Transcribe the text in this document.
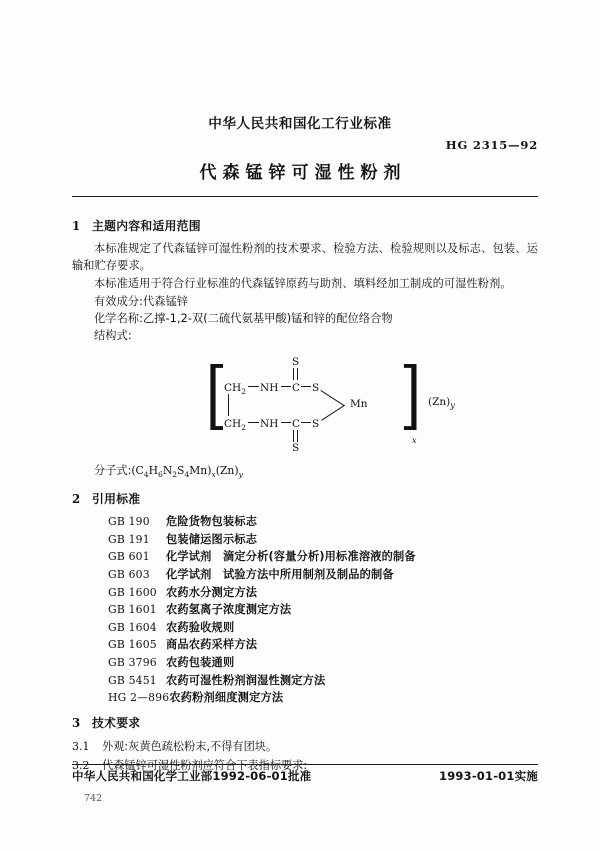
中华人民共和国化工行业标准
HG 2315—92
代森锰锌可湿性粉剂
1 主题内容和适用范围

本标准规定了代森锰锌可湿性粉剂的技术要求、检验方法、检验规则以及标志、包装、运输和贮存要求。

本标准适用于符合行业标准的代森锰锌原药与助剂、填料经加工制成的可湿性粉剂。

有效成分:代森锰锌

化学名称:乙撑-1,2-双(二硫代氨基甲酸)锰和锌的配位络合物

结构式:

[ ]
x
S
$CH_2$ NH C S
$CH_2$ NH C S
S
Mn	$(Zn)_y$

分子式$:(C_4H_6N_2S_4Mn)_x(Zn)_y$

2 引用标准
GB 190 危险货物包装标志
GB 191 包装储运图示标志
GB 601 化学试剂　滴定分析(容量分析)用标准溶液的制备
GB 603 化学试剂　试验方法中所用制剂及制品的制备
GB 1600 农药水分测定方法
GB 1601 农药氢离子浓度测定方法
GB 1604 农药验收规则
GB 1605 商品农药采样方法
GB 3796 农药包装通则
GB 5451 农药可湿性粉剂润湿性测定方法
HG 2—896农药粉剂细度测定方法
3 技术要求

3.1 外观:灰黄色疏松粉末,不得有团块。

中华人民共和国化学工业部1992-06-01批准	1993-01-01实施
742
